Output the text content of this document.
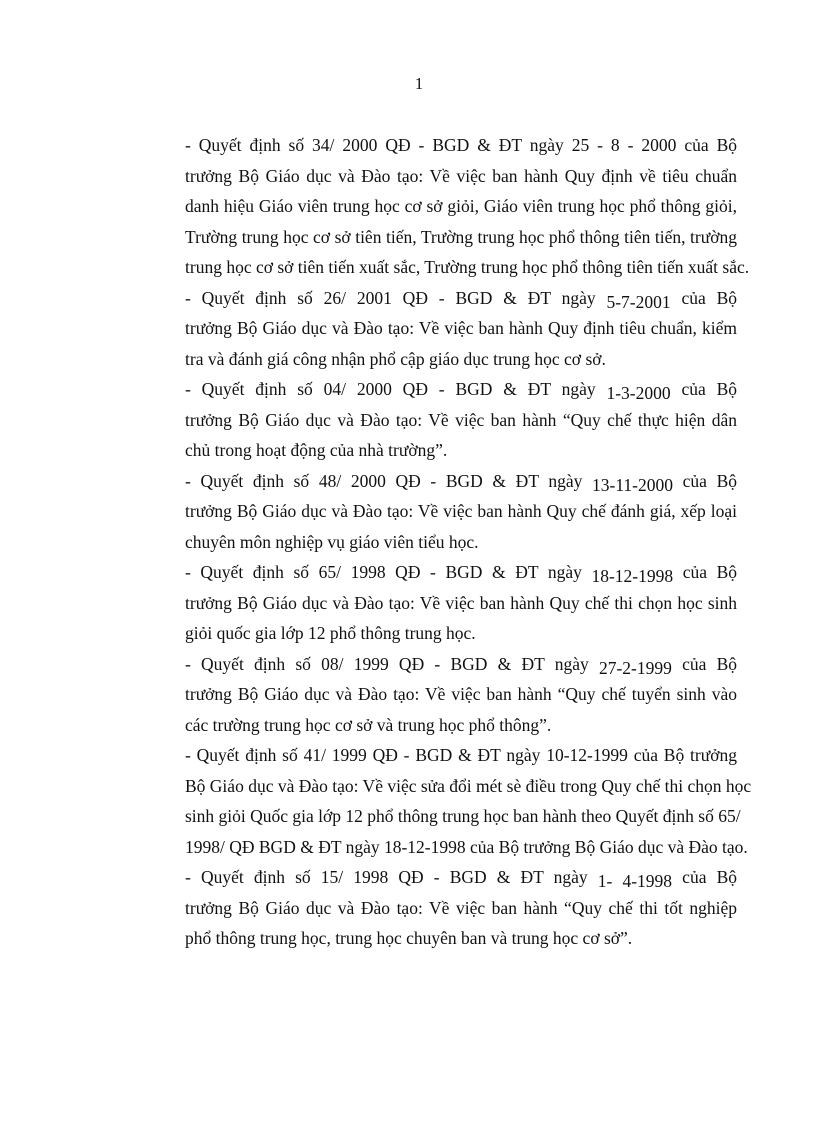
1

- Quyết định số 34/ 2000 QĐ - BGD & ĐT ngày 25 - 8 - 2000 của Bộ
trưởng Bộ Giáo dục và Đào tạo: Về việc ban hành Quy định về tiêu chuẩn
danh hiệu Giáo viên trung học cơ sở giỏi, Giáo viên trung học phổ thông giỏi,
Trường trung học cơ sở tiên tiến, Trường trung học phổ thông tiên tiến, trường
trung học cơ sở tiên tiến xuất sắc, Trường trung học phổ thông tiên tiến xuất sắc.

- Quyết định số 26/ 2001 QĐ - BGD & ĐT ngày 5-7-2001 của Bộ
trưởng Bộ Giáo dục và Đào tạo: Về việc ban hành Quy định tiêu chuẩn, kiểm
tra và đánh giá công nhận phổ cập giáo dục trung học cơ sở.

- Quyết định số 04/ 2000 QĐ - BGD & ĐT ngày 1-3-2000 của Bộ
trưởng Bộ Giáo dục và Đào tạo: Về việc ban hành “Quy chế thực hiện dân
chủ trong hoạt động của nhà trường”.

- Quyết định số 48/ 2000 QĐ - BGD & ĐT ngày 13-11-2000 của Bộ
trưởng Bộ Giáo dục và Đào tạo: Về việc ban hành Quy chế đánh giá, xếp loại
chuyên môn nghiệp vụ giáo viên tiểu học.

- Quyết định số 65/ 1998 QĐ - BGD & ĐT ngày 18-12-1998 của Bộ
trưởng Bộ Giáo dục và Đào tạo: Về việc ban hành Quy chế thi chọn học sinh
giỏi quốc gia lớp 12 phổ thông trung học.

- Quyết định số 08/ 1999 QĐ - BGD & ĐT ngày 27-2-1999 của Bộ
trưởng Bộ Giáo dục và Đào tạo: Về việc ban hành “Quy chế tuyển sinh vào
các trường trung học cơ sở và trung học phổ thông”.

- Quyết định số 41/ 1999 QĐ - BGD & ĐT ngày 10-12-1999 của Bộ trưởng
Bộ Giáo dục và Đào tạo: Về việc sửa đổi mét sè điều trong Quy chế thi chọn học
sinh giỏi Quốc gia lớp 12 phổ thông trung học ban hành theo Quyết định số 65/
1998/ QĐ BGD & ĐT ngày 18-12-1998 của Bộ trưởng Bộ Giáo dục và Đào tạo.

- Quyết định số 15/ 1998 QĐ - BGD & ĐT ngày 1- 4-1998 của Bộ
trưởng Bộ Giáo dục và Đào tạo: Về việc ban hành “Quy chế thi tốt nghiệp
phổ thông trung học, trung học chuyên ban và trung học cơ sở”.
